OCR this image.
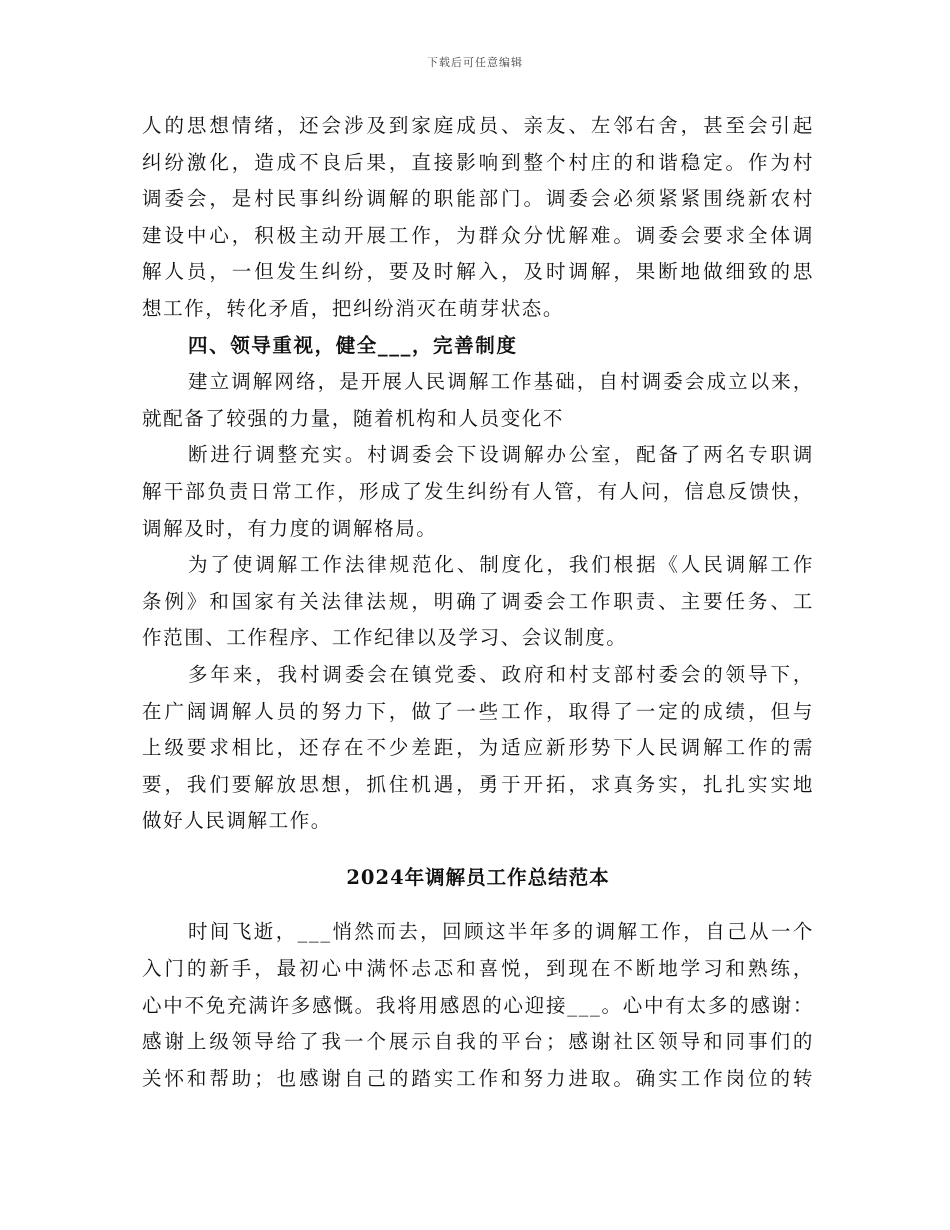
下载后可任意编辑
人的思想情绪，还会涉及到家庭成员、亲友、左邻右舍，甚至会引起
纠纷激化，造成不良后果，直接影响到整个村庄的和谐稳定。作为村
调委会，是村民事纠纷调解的职能部门。调委会必须紧紧围绕新农村
建设中心，积极主动开展工作，为群众分忧解难。调委会要求全体调
解人员，一但发生纠纷，要及时解入，及时调解，果断地做细致的思
想工作，转化矛盾，把纠纷消灭在萌芽状态。
四、领导重视，健全___，完善制度
建立调解网络，是开展人民调解工作基础，自村调委会成立以来，
就配备了较强的力量，随着机构和人员变化不
断进行调整充实。村调委会下设调解办公室，配备了两名专职调
解干部负责日常工作，形成了发生纠纷有人管，有人问，信息反馈快，
调解及时，有力度的调解格局。
为了使调解工作法律规范化、制度化，我们根据《人民调解工作
条例》和国家有关法律法规，明确了调委会工作职责、主要任务、工
作范围、工作程序、工作纪律以及学习、会议制度。
多年来，我村调委会在镇党委、政府和村支部村委会的领导下，
在广阔调解人员的努力下，做了一些工作，取得了一定的成绩，但与
上级要求相比，还存在不少差距，为适应新形势下人民调解工作的需
要，我们要解放思想，抓住机遇，勇于开拓，求真务实，扎扎实实地
做好人民调解工作。
2024年调解员工作总结范本
时间飞逝，___悄然而去，回顾这半年多的调解工作，自己从一个
入门的新手，最初心中满怀忐忑和喜悦，到现在不断地学习和熟练，
心中不免充满许多感慨。我将用感恩的心迎接___。心中有太多的感谢：
感谢上级领导给了我一个展示自我的平台；感谢社区领导和同事们的
关怀和帮助；也感谢自己的踏实工作和努力进取。确实工作岗位的转
